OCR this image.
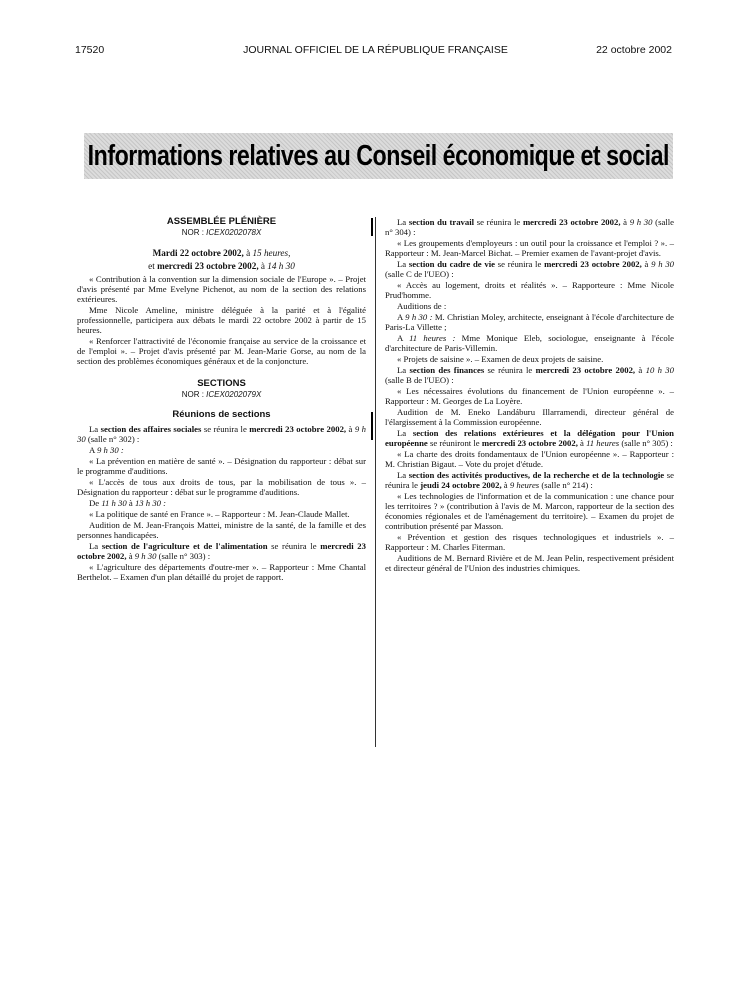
17520	JOURNAL OFFICIEL DE LA RÉPUBLIQUE FRANÇAISE	22 octobre 2002
Informations relatives au Conseil économique et social

ASSEMBLÉE PLÉNIÈRE

NOR : ICEX0202078X

Mardi 22 octobre 2002, à 15 heures,

et mercredi 23 octobre 2002, à 14 h 30

« Contribution à la convention sur la dimension sociale de l'Europe ». – Projet d'avis présenté par Mme Evelyne Pichenot, au nom de la section des relations extérieures.

Mme Nicole Ameline, ministre déléguée à la parité et à l'égalité professionnelle, participera aux débats le mardi 22 octobre 2002 à partir de 15 heures.

« Renforcer l'attractivité de l'économie française au service de la croissance et de l'emploi ». – Projet d'avis présenté par M. Jean-Marie Gorse, au nom de la section des problèmes économiques généraux et de la conjoncture.

SECTIONS

NOR : ICEX0202079X

Réunions de sections

La section des affaires sociales se réunira le mercredi 23 octobre 2002, à 9 h 30 (salle n° 302) :

A 9 h 30 :

« La prévention en matière de santé ». – Désignation du rapporteur : débat sur le programme d'auditions.

« L'accès de tous aux droits de tous, par la mobilisation de tous ». – Désignation du rapporteur : débat sur le programme d'auditions.

De 11 h 30 à 13 h 30 :

« La politique de santé en France ». – Rapporteur : M. Jean-Claude Mallet.

Audition de M. Jean-François Mattei, ministre de la santé, de la famille et des personnes handicapées.

La section de l'agriculture et de l'alimentation se réunira le mercredi 23 octobre 2002, à 9 h 30 (salle n° 303) :

« L'agriculture des départements d'outre-mer ». – Rapporteur : Mme Chantal Berthelot. – Examen d'un plan détaillé du projet de rapport.

La section du travail se réunira le mercredi 23 octobre 2002, à 9 h 30 (salle n° 304) :

« Les groupements d'employeurs : un outil pour la croissance et l'emploi ? ». – Rapporteur : M. Jean-Marcel Bichat. – Premier examen de l'avant-projet d'avis.

La section du cadre de vie se réunira le mercredi 23 octobre 2002, à 9 h 30 (salle C de l'UEO) :

« Accès au logement, droits et réalités ». – Rapporteure : Mme Nicole Prud'homme.

Auditions de :

A 9 h 30 : M. Christian Moley, architecte, enseignant à l'école d'architecture de Paris-La Villette ;

A 11 heures : Mme Monique Eleb, sociologue, enseignante à l'école d'architecture de Paris-Villemin.

« Projets de saisine ». – Examen de deux projets de saisine.

La section des finances se réunira le mercredi 23 octobre 2002, à 10 h 30 (salle B de l'UEO) :

« Les nécessaires évolutions du financement de l'Union européenne ». – Rapporteur : M. Georges de La Loyère.

Audition de M. Eneko Landáburu Illarramendi, directeur général de l'élargissement à la Commission européenne.

La section des relations extérieures et la délégation pour l'Union européenne se réuniront le mercredi 23 octobre 2002, à 11 heures (salle n° 305) :

« La charte des droits fondamentaux de l'Union européenne ». – Rapporteur : M. Christian Bigaut. – Vote du projet d'étude.

La section des activités productives, de la recherche et de la technologie se réunira le jeudi 24 octobre 2002, à 9 heures (salle n° 214) :

« Les technologies de l'information et de la communication : une chance pour les territoires ? » (contribution à l'avis de M. Marcon, rapporteur de la section des économies régionales et de l'aménagement du territoire). – Examen du projet de contribution présenté par Masson.

« Prévention et gestion des risques technologiques et industriels ». – Rapporteur : M. Charles Fiterman.

Auditions de M. Bernard Rivière et de M. Jean Pelin, respectivement président et directeur général de l'Union des industries chimiques.
